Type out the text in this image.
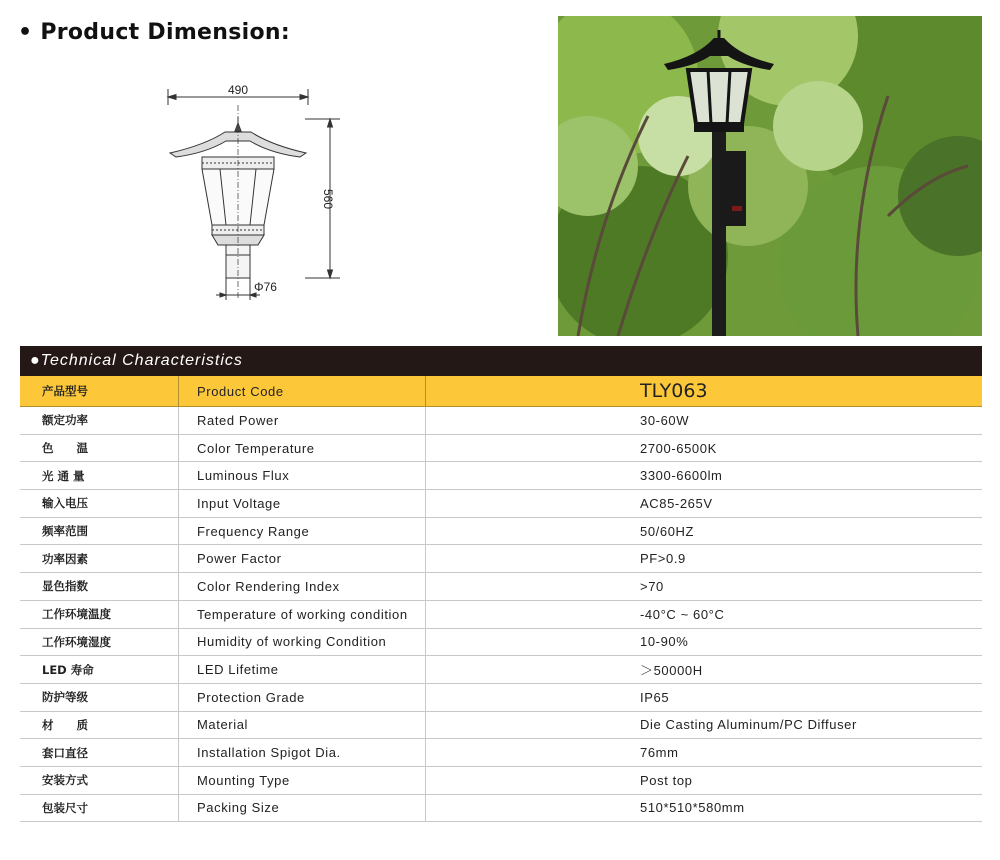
• Product Dimension:
490
560
Φ76
●Technical Characteristics
产品型号	Product Code	TLY063
额定功率	Rated Power	30-60W
色　　温	Color Temperature	2700-6500K
光 通 量	Luminous Flux	3300-6600lm
输入电压	Input Voltage	AC85-265V
频率范围	Frequency Range	50/60HZ
功率因素	Power Factor	PF>0.9
显色指数	Color Rendering Index	>70
工作环境温度	Temperature of working condition	-40°C ~ 60°C
工作环境湿度	Humidity of working Condition	10-90%
LED 寿命	LED Lifetime	＞50000H
防护等级	Protection Grade	IP65
材　　质	Material	Die Casting Aluminum/PC Diffuser
套口直径	Installation Spigot Dia.	76mm
安装方式	Mounting Type	Post top
包装尺寸	Packing Size	510*510*580mm
